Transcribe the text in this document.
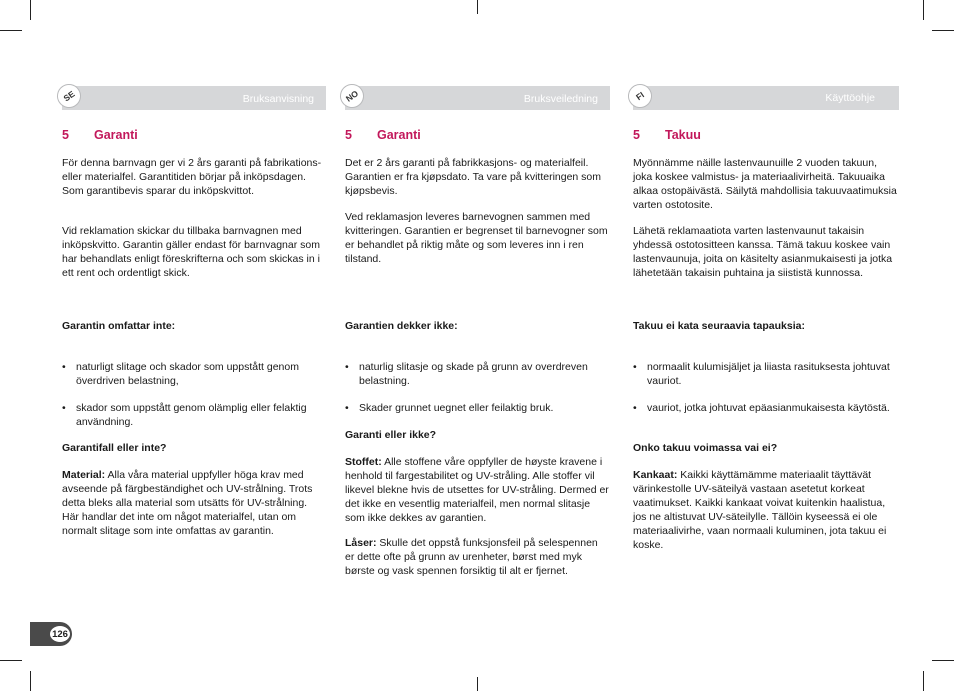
SE	Bruksanvisning
5 Garanti

För denna barnvagn ger vi 2 års garanti på fabrikations- eller materialfel. Garantitiden börjar på inköpsdagen. Som garantibevis sparar du inköpskvittot.

Vid reklamation skickar du tillbaka barnvagnen med inköpskvitto. Garantin gäller endast för barnvagnar som har behandlats enligt föreskrifterna och som skickas in i ett rent och ordentligt skick.

Garantin omfattar inte:

• naturligt slitage och skador som uppstått genom överdriven belastning,

• skador som uppstått genom olämplig eller felaktig användning.

Garantifall eller inte?

Material: Alla våra material uppfyller höga krav med avseende på färgbeständighet och UV-strålning. Trots detta bleks alla material som utsätts för UV-strålning. Här handlar det inte om något materialfel, utan om normalt slitage som inte omfattas av garantin.

NO	Bruksveiledning
5 Garanti

Det er 2 års garanti på fabrikkasjons- og materialfeil. Garantien er fra kjøpsdato. Ta vare på kvitteringen som kjøpsbevis.

Ved reklamasjon leveres barnevognen sammen med kvitteringen. Garantien er begrenset til barnevogner som er behandlet på riktig måte og som leveres inn i ren tilstand.

Garantien dekker ikke:

• naturlig slitasje og skade på grunn av overdreven belastning.

• Skader grunnet uegnet eller feilaktig bruk.

Garanti eller ikke?

Stoffet: Alle stoffene våre oppfyller de høyste kravene i henhold til fargestabilitet og UV-stråling. Alle stoffer vil likevel blekne hvis de utsettes for UV-stråling. Dermed er det ikke en vesentlig materialfeil, men normal slitasje som ikke dekkes av garantien.

Låser: Skulle det oppstå funksjonsfeil på selespennen er dette ofte på grunn av urenheter, børst med myk børste og vask spennen forsiktig til alt er fjernet.

FI	Käyttöohje
5 Takuu

Myönnämme näille lastenvaunuille 2 vuoden takuun, joka koskee valmistus- ja materiaalivirheitä. Takuuaika alkaa ostopäivästä. Säilytä mahdollisia takuuvaatimuksia varten ostotosite.

Lähetä reklamaatiota varten lastenvaunut takaisin yhdessä ostotositteen kanssa. Tämä takuu koskee vain lastenvaunuja, joita on käsitelty asianmukaisesti ja jotka lähetetään takaisin puhtaina ja siististä kunnossa.

Takuu ei kata seuraavia tapauksia:

• normaalit kulumisjäljet ja liiasta rasituksesta johtuvat vauriot.

• vauriot, jotka johtuvat epäasianmukaisesta käytöstä.

Onko takuu voimassa vai ei?

Kankaat: Kaikki käyttämämme materiaalit täyttävät värinkestolle UV-säteilyä vastaan asetetut korkeat vaatimukset. Kaikki kankaat voivat kuitenkin haalistua, jos ne altistuvat UV-säteilylle. Tällöin kyseessä ei ole materiaalivirhe, vaan normaali kuluminen, jota takuu ei koske.

126
